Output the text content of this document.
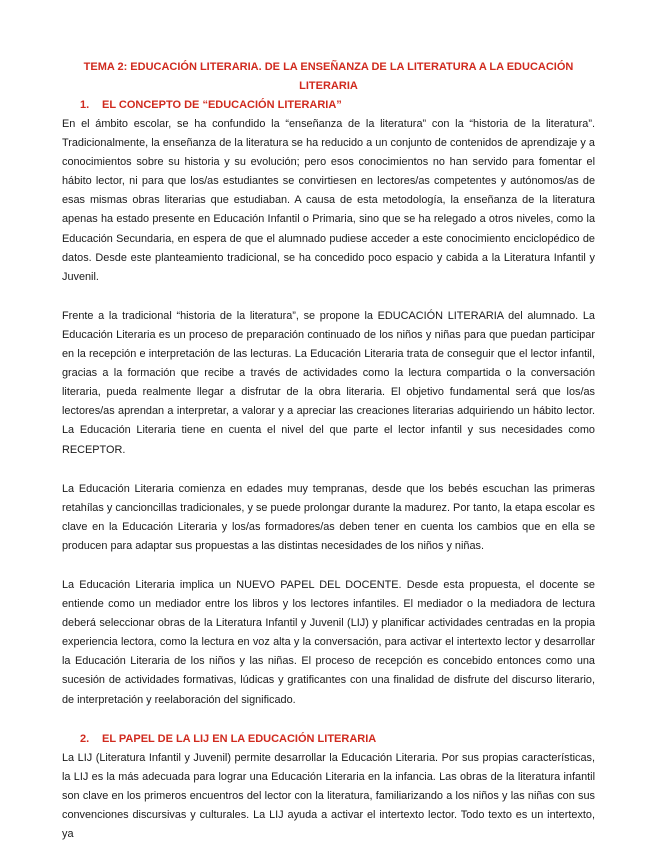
TEMA 2: EDUCACIÓN LITERARIA. DE LA ENSEÑANZA DE LA LITERATURA A LA EDUCACIÓN LITERARIA

1. EL CONCEPTO DE “EDUCACIÓN LITERARIA”

En el ámbito escolar, se ha confundido la “enseñanza de la literatura” con la “historia de la literatura”. Tradicionalmente, la enseñanza de la literatura se ha reducido a un conjunto de contenidos de aprendizaje y a conocimientos sobre su historia y su evolución; pero esos conocimientos no han servido para fomentar el hábito lector, ni para que los/as estudiantes se convirtiesen en lectores/as competentes y autónomos/as de esas mismas obras literarias que estudiaban. A causa de esta metodología, la enseñanza de la literatura apenas ha estado presente en Educación Infantil o Primaria, sino que se ha relegado a otros niveles, como la Educación Secundaria, en espera de que el alumnado pudiese acceder a este conocimiento enciclopédico de datos. Desde este planteamiento tradicional, se ha concedido poco espacio y cabida a la Literatura Infantil y Juvenil.

Frente a la tradicional “historia de la literatura”, se propone la EDUCACIÓN LITERARIA del alumnado. La Educación Literaria es un proceso de preparación continuado de los niños y niñas para que puedan participar en la recepción e interpretación de las lecturas. La Educación Literaria trata de conseguir que el lector infantil, gracias a la formación que recibe a través de actividades como la lectura compartida o la conversación literaria, pueda realmente llegar a disfrutar de la obra literaria. El objetivo fundamental será que los/as lectores/as aprendan a interpretar, a valorar y a apreciar las creaciones literarias adquiriendo un hábito lector. La Educación Literaria tiene en cuenta el nivel del que parte el lector infantil y sus necesidades como RECEPTOR.

La Educación Literaria comienza en edades muy tempranas, desde que los bebés escuchan las primeras retahílas y cancioncillas tradicionales, y se puede prolongar durante la madurez. Por tanto, la etapa escolar es clave en la Educación Literaria y los/as formadores/as deben tener en cuenta los cambios que en ella se producen para adaptar sus propuestas a las distintas necesidades de los niños y niñas.

La Educación Literaria implica un NUEVO PAPEL DEL DOCENTE. Desde esta propuesta, el docente se entiende como un mediador entre los libros y los lectores infantiles. El mediador o la mediadora de lectura deberá seleccionar obras de la Literatura Infantil y Juvenil (LIJ) y planificar actividades centradas en la propia experiencia lectora, como la lectura en voz alta y la conversación, para activar el intertexto lector y desarrollar la Educación Literaria de los niños y las niñas. El proceso de recepción es concebido entonces como una sucesión de actividades formativas, lúdicas y gratificantes con una finalidad de disfrute del discurso literario, de interpretación y reelaboración del significado.

2. EL PAPEL DE LA LIJ EN LA EDUCACIÓN LITERARIA

La LIJ (Literatura Infantil y Juvenil) permite desarrollar la Educación Literaria. Por sus propias características, la LIJ es la más adecuada para lograr una Educación Literaria en la infancia. Las obras de la literatura infantil son clave en los primeros encuentros del lector con la literatura, familiarizando a los niños y las niñas con sus convenciones discursivas y culturales. La LIJ ayuda a activar el intertexto lector. Todo texto es un intertexto, ya
